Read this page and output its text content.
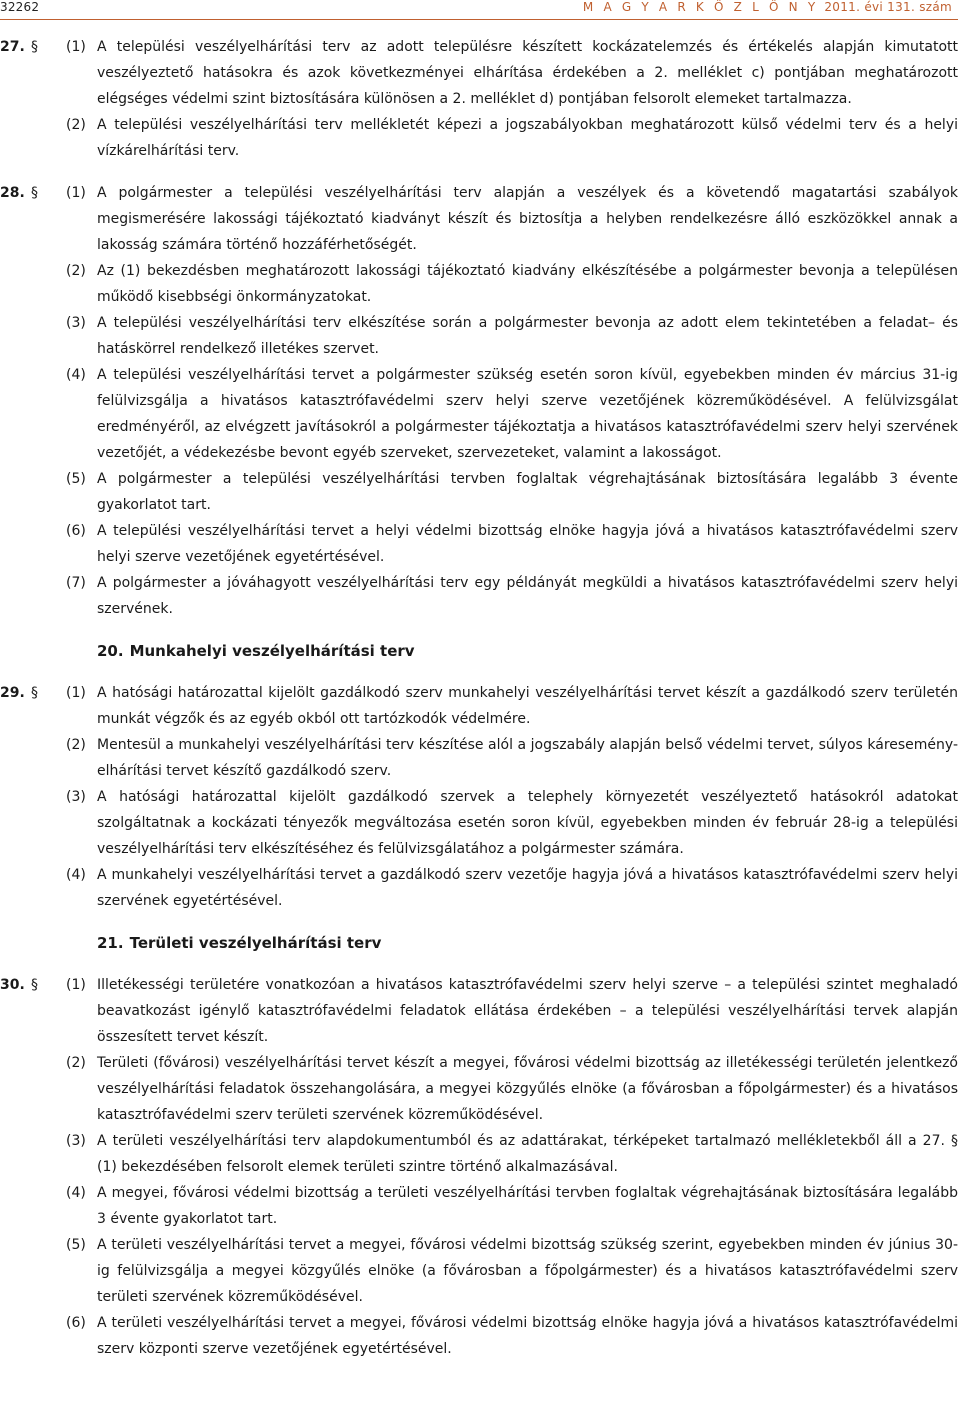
32262	M A G Y A R K Ö Z L Ö N Y 2011. évi 131. szám
27. § (1) A települési veszélyelhárítási terv az adott településre készített kockázatelemzés és értékelés alapján kimutatott veszélyeztető hatásokra és azok következményei elhárítása érdekében a 2. melléklet c) pontjában meghatározott elégséges védelmi szint biztosítására különösen a 2. melléklet d) pontjában felsorolt elemeket tartalmazza.
(2) A települési veszélyelhárítási terv mellékletét képezi a jogszabályokban meghatározott külső védelmi terv és a helyi vízkárelhárítási terv.
28. § (1) A polgármester a települési veszélyelhárítási terv alapján a veszélyek és a követendő magatartási szabályok megismerésére lakossági tájékoztató kiadványt készít és biztosítja a helyben rendelkezésre álló eszközökkel annak a lakosság számára történő hozzáférhetőségét.
(2) Az (1) bekezdésben meghatározott lakossági tájékoztató kiadvány elkészítésébe a polgármester bevonja a településen működő kisebbségi önkormányzatokat.
(3) A települési veszélyelhárítási terv elkészítése során a polgármester bevonja az adott elem tekintetében a feladat– és hatáskörrel rendelkező illetékes szervet.
(4) A települési veszélyelhárítási tervet a polgármester szükség esetén soron kívül, egyebekben minden év március 31-ig felülvizsgálja a hivatásos katasztrófavédelmi szerv helyi szerve vezetőjének közreműködésével. A felülvizsgálat eredményéről, az elvégzett javításokról a polgármester tájékoztatja a hivatásos katasztrófavédelmi szerv helyi szervének vezetőjét, a védekezésbe bevont egyéb szerveket, szervezeteket, valamint a lakosságot.
(5) A polgármester a települési veszélyelhárítási tervben foglaltak végrehajtásának biztosítására legalább 3 évente gyakorlatot tart.
(6) A települési veszélyelhárítási tervet a helyi védelmi bizottság elnöke hagyja jóvá a hivatásos katasztrófavédelmi szerv helyi szerve vezetőjének egyetértésével.
(7) A polgármester a jóváhagyott veszélyelhárítási terv egy példányát megküldi a hivatásos katasztrófavédelmi szerv helyi szervének.
20. Munkahelyi veszélyelhárítási terv
29. § (1) A hatósági határozattal kijelölt gazdálkodó szerv munkahelyi veszélyelhárítási tervet készít a gazdálkodó szerv területén munkát végzők és az egyéb okból ott tartózkodók védelmére.
(2) Mentesül a munkahelyi veszélyelhárítási terv készítése alól a jogszabály alapján belső védelmi tervet, súlyos káresemény-elhárítási tervet készítő gazdálkodó szerv.
(3) A hatósági határozattal kijelölt gazdálkodó szervek a telephely környezetét veszélyeztető hatásokról adatokat szolgáltatnak a kockázati tényezők megváltozása esetén soron kívül, egyebekben minden év február 28-ig a települési veszélyelhárítási terv elkészítéséhez és felülvizsgálatához a polgármester számára.
(4) A munkahelyi veszélyelhárítási tervet a gazdálkodó szerv vezetője hagyja jóvá a hivatásos katasztrófavédelmi szerv helyi szervének egyetértésével.
21. Területi veszélyelhárítási terv
30. § (1) Illetékességi területére vonatkozóan a hivatásos katasztrófavédelmi szerv helyi szerve – a települési szintet meghaladó beavatkozást igénylő katasztrófavédelmi feladatok ellátása érdekében – a települési veszélyelhárítási tervek alapján összesített tervet készít.
(2) Területi (fővárosi) veszélyelhárítási tervet készít a megyei, fővárosi védelmi bizottság az illetékességi területén jelentkező veszélyelhárítási feladatok összehangolására, a megyei közgyűlés elnöke (a fővárosban a főpolgármester) és a hivatásos katasztrófavédelmi szerv területi szervének közreműködésével.
(3) A területi veszélyelhárítási terv alapdokumentumból és az adattárakat, térképeket tartalmazó mellékletekből áll a 27. § (1) bekezdésében felsorolt elemek területi szintre történő alkalmazásával.
(4) A megyei, fővárosi védelmi bizottság a területi veszélyelhárítási tervben foglaltak végrehajtásának biztosítására legalább 3 évente gyakorlatot tart.
(5) A területi veszélyelhárítási tervet a megyei, fővárosi védelmi bizottság szükség szerint, egyebekben minden év június 30-ig felülvizsgálja a megyei közgyűlés elnöke (a fővárosban a főpolgármester) és a hivatásos katasztrófavédelmi szerv területi szervének közreműködésével.
(6) A területi veszélyelhárítási tervet a megyei, fővárosi védelmi bizottság elnöke hagyja jóvá a hivatásos katasztrófavédelmi szerv központi szerve vezetőjének egyetértésével.
